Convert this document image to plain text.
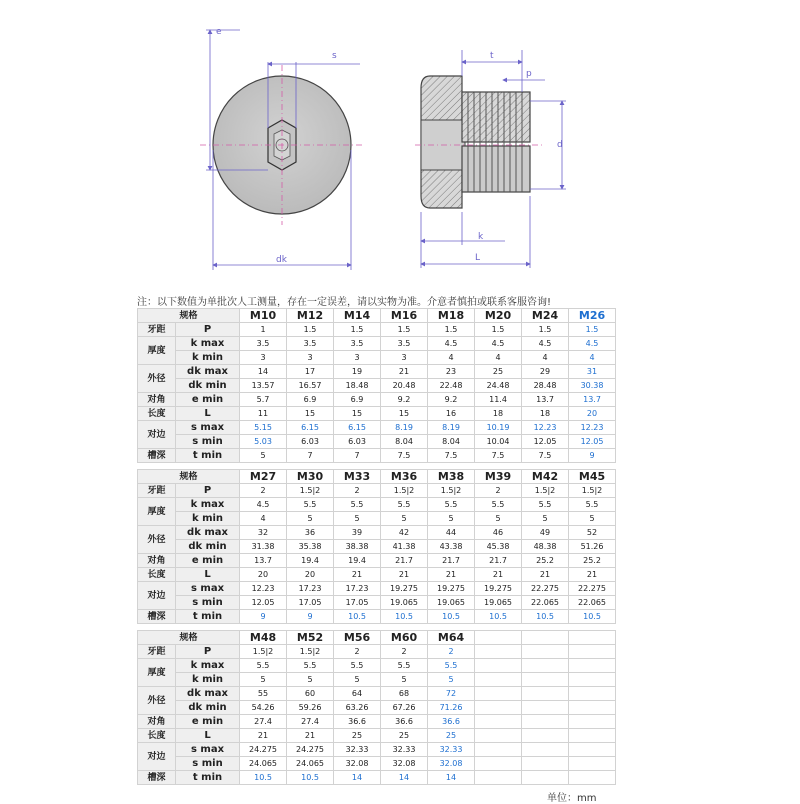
e
s
dk
t
p
d
k
L
注：以下数值为单批次人工测量，存在一定误差，请以实物为准。介意者慎拍或联系客服咨询!
规格		M10	M12	M14	M16	M18	M20	M24	M26
牙距	P	1	1.5	1.5	1.5	1.5	1.5	1.5	1.5
厚度	k max	3.5	3.5	3.5	3.5	4.5	4.5	4.5	4.5
	k min	3	3	3	3	4	4	4	4
外径	dk max	14	17	19	21	23	25	29	31
	dk min	13.57	16.57	18.48	20.48	22.48	24.48	28.48	30.38
对角	e min	5.7	6.9	6.9	9.2	9.2	11.4	13.7	13.7
长度	L	11	15	15	15	16	18	18	20
对边	s max	5.15	6.15	6.15	8.19	8.19	10.19	12.23	12.23
	s min	5.03	6.03	6.03	8.04	8.04	10.04	12.05	12.05
槽深	t min	5	7	7	7.5	7.5	7.5	7.5	9
规格		M27	M30	M33	M36	M38	M39	M42	M45
牙距	P	2	1.5|2	2	1.5|2	1.5|2	2	1.5|2	1.5|2
厚度	k max	4.5	5.5	5.5	5.5	5.5	5.5	5.5	5.5
	k min	4	5	5	5	5	5	5	5
外径	dk max	32	36	39	42	44	46	49	52
	dk min	31.38	35.38	38.38	41.38	43.38	45.38	48.38	51.26
对角	e min	13.7	19.4	19.4	21.7	21.7	21.7	25.2	25.2
长度	L	20	20	21	21	21	21	21	21
对边	s max	12.23	17.23	17.23	19.275	19.275	19.275	22.275	22.275
	s min	12.05	17.05	17.05	19.065	19.065	19.065	22.065	22.065
槽深	t min	9	9	10.5	10.5	10.5	10.5	10.5	10.5
规格		M48	M52	M56	M60	M64			
牙距	P	1.5|2	1.5|2	2	2	2			
厚度	k max	5.5	5.5	5.5	5.5	5.5			
	k min	5	5	5	5	5			
外径	dk max	55	60	64	68	72			
	dk min	54.26	59.26	63.26	67.26	71.26			
对角	e min	27.4	27.4	36.6	36.6	36.6			
长度	L	21	21	25	25	25			
对边	s max	24.275	24.275	32.33	32.33	32.33			
	s min	24.065	24.065	32.08	32.08	32.08			
槽深	t min	10.5	10.5	14	14	14			
单位：mm
